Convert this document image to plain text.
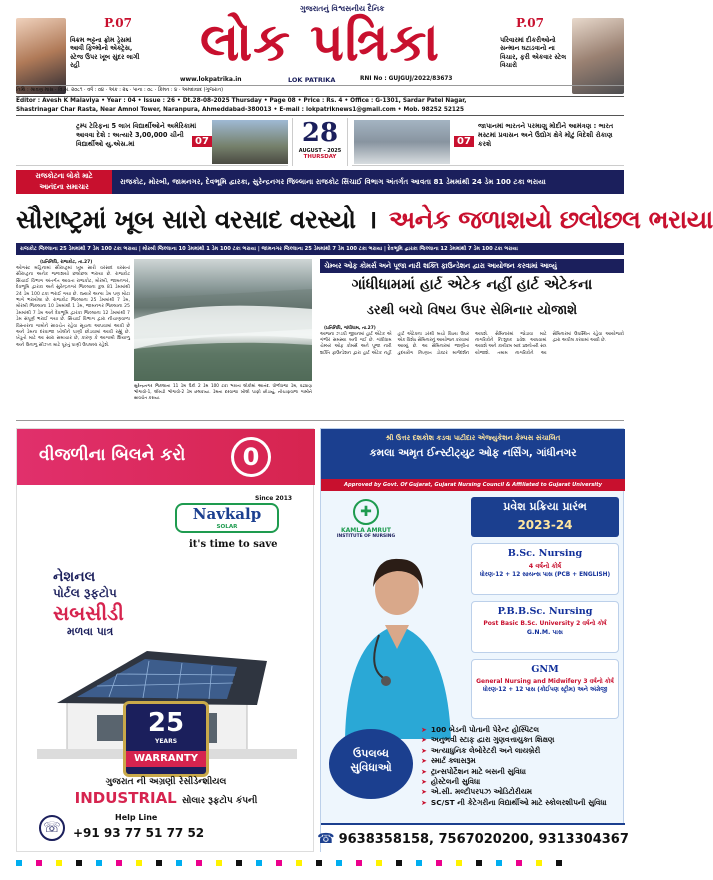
P.07
વિક્રમ ભટ્ટના ફ્રોમ ડ્રેસમાં આવી ફિલ્મોનો એક્ટ્રેસ, સ્ટેજ ઉપર ખૂબ સુંદર લાગી રહી
ગુજરાતનું વિશ્વસનીય દૈનિક
લોક પત્રિકા
www.lokpatrika.in	LOK PATRIKA	RNI No : GUJGUJ/2022/83673
P.07
પરિવારમાં દીકરીઓનો સન્માન ઘટાડવાનો ના વિચાર, ફરી એકવાર સ્ટેલ વિચારો
તિથિ : શ્રાવણ માસ · વિ.સં. ૨૦૮૧ · વર્ષ : ૦૪ · અંક : ૨૬ · પાના : ૦૮ · કિંમત : ૪ · અમદાવાદ (ગુજરાત)
Editor : Avesh K Malaviya • Year : 04 • Issue : 26 • Dt.28-08-2025 Thursday • Page 08 • Price : Rs. 4 • Office : G-1301, Sardar Patel Nagar,
Shastrinagar Char Rasta, Near Amnol Tower, Naranpura, Ahmeddabad-380013 • E-mail : lokpatriknews1@gmail.com • Mob. 98252 52125
ટ્રમ્પ ટેરિફના 5 લાખ વિદ્યાર્થીઓને અમેરિકામાં આવવા દેશે : અત્યારે 3,00,000 ચીની વિદ્યાર્થીઓ યુ.એસ.માં	07	28
AUGUST - 2025
THURSDAY
07
જાપાનમાં ભારતને પરમાણુ મોદીને આમંત્રણ : ભારત મસ્ટમાં પ્રવાસન અને ઉદ્યોગ ક્ષેત્રે મોટું વિદેશી રોકાણ કરશે
રાજકોટના લોકો માટે
આનંદના સમાચાર
રાજકોટ, મોરબી, જામનગર, દેવભૂમિ દ્વારકા, સુરેન્દ્રનગર જિલ્લાના રાજકોટ સિંચાઈ વિભાગ અંતર્ગત આવતા 81 ડેમમાંથી 24 ડેમ 100 ટકા ભરાયા
સૌરાષ્ટ્રમાં ખૂબ સારો વરસાદ વરસ્યો । અનેક જળાશયો છલોછલ ભરાયા
રાજકોટ જિલ્લાના 25 ડેમમાંથી 7 ડેમ 100 ટકા ભરાયા | મોરબી જિલ્લાના 10 ડેમમાંથી 1 ડેમ 100 ટકા ભરાયા | જામનગર જિલ્લાના 25 ડેમમાંથી 7 ડેમ 100 ટકા ભરાયા | દેવભૂમિ દ્વારકા જિલ્લાના 12 ડેમમાંથી 7 ડેમ 100 ટકા ભરાયા
(પ્રતિનિધિ, રાજકોટ, તા.27)
ઓગસ્ટ મહિનામાં સૌરાષ્ટ્રમાં ખૂબ સારો વરસાદ વરસતાં સૌરાષ્ટ્રના અનેક જળાશયો છલોછલ ભરાયા છે. રાજકોટ સિંચાઈ વિભાગ અંતર્ગત આવતા રાજકોટ, મોરબી, જામનગર, દેવભૂમિ દ્વારકા અને સુરેન્દ્રનગર જિલ્લાના કુલ 81 ડેમમાંથી 24 ડેમ 100 ટકા ભરાઈ ગયા છે. જ્યારે અન્ય ડેમ પણ મોટા ભાગે ભરાયેલા છે. રાજકોટ જિલ્લાના 25 ડેમમાંથી 7 ડેમ, મોરબી જિલ્લાના 10 ડેમમાંથી 1 ડેમ, જામનગર જિલ્લાના 25 ડેમમાંથી 7 ડેમ અને દેવભૂમિ દ્વારકા જિલ્લાના 12 ડેમમાંથી 7 ડેમ સંપૂર્ણ ભરાઈ ગયા છે. સિંચાઈ વિભાગ દ્વારા નીચાણવાળા વિસ્તારના ગામોને સાવચેત રહેવા સૂચના આપવામાં આવી છે અને ડેમના દરવાજા ખોલીને પાણી છોડવામાં આવી રહ્યું છે. ખેડૂતો માટે આ સારા સમાચાર છે, કારણ કે આગામી શિયાળુ અને ઉનાળુ સીઝન માટે પૂરતું પાણી ઉપલબ્ધ રહેશે.
સુરેન્દ્રનગર જિલ્લાના 11 ડેમ પૈકી 2 ડેમ 100 ટકા ભરાતા લોકોમાં આનંદ. ધોળીધજા ડેમ, વઢવાણ ભોગાવો-1, લીંબડી ભોગાવો-2 ડેમ છલકાયા. ડેમના દરવાજા ખોલી પાણી છોડાયું, નીચાણવાળા ગામોને સાવચેત કરાયા.
ચેમ્બર ઓફ કોમર્સ અને પૂજા નારી શક્તિ ફાઉન્ડેશન દ્વારા આયોજન કરવામાં આવ્યું
ગાંધીધામમાં હાર્ટ એટેક નહીં હાર્ટ એટેકના
ડરથી બચો વિષય ઉપર સેમિનાર યોજાશે
(પ્રતિનિધિ, ગાંધીધામ, તા.27)
આજના ઝડપી જીવનમાં હાર્ટ એટેક એ ગંભીર સમસ્યા બની ગઈ છે. ગાંધીધામ ચેમ્બર ઓફ કોમર્સ અને પૂજા નારી શક્તિ ફાઉન્ડેશન દ્વારા હાર્ટ એટેક નહીં હાર્ટ એટેકના ડરથી બચો વિષય ઉપર એક વિશેષ સેમિનારનું આયોજન કરવામાં આવ્યું છે. આ સેમિનારમાં જાણીતા હૃદયરોગ નિષ્ણાત ડોક્ટર માર્ગદર્શન આપશે. સેમિનારમાં જોડાવા માટે નાગરિકોને નિઃશુલ્ક પ્રવેશ આપવામાં આવશે અને કાર્યક્રમ બાદ પ્રશ્નોત્તરી સત્ર યોજાશે. તમામ નાગરિકોને આ સેમિનારમાં ઉપસ્થિત રહેવા આયોજકો દ્વારા અપીલ કરવામાં આવી છે.
વીજળીના બિલને કરો	0
Since 2013
Navkalp
SOLAR
it's time to save
નેશનલ
પોર્ટલ રૂફટોપ
સબસીડી
મળવા પાત્ર
25
YEARS
WARRANTY
ગુજરાત ની અગ્રણી રેસીડેન્શીયલ
INDUSTRIAL સોલાર રૂફટોપ કંપની
☏
Help Line
+91 93 77 51 77 52
શ્રી ઉત્તર દશકોશ કડવા પાટીદાર એજ્યુકેશન કેમ્પસ સંચાલિત
કમલા અમૃત ઈન્સ્ટીટ્યુટ ઓફ નર્સિંગ, ગાંધીનગર
Approved by Govt. Of Gujarat, Gujarat Nursing Council & Affiliated to Gujarat University
✚
KAMLA AMRUT
INSTITUTE OF NURSING
પ્રવેશ પ્રક્રિયા પ્રારંભ
2023-24
B.Sc. Nursing
4 વર્ષનો કોર્ષ
ધોરણ-12 + 12 સાયન્સ પાસ (PCB + ENGLISH)
P.B.B.Sc. Nursing
Post Basic B.Sc. University 2 વર્ષનો કોર્ષ
G.N.M. પાસ
GNM
General Nursing and Midwifery 3 વર્ષનો કોર્ષ
ધોરણ-12 + 12 પાસ (કોઈપણ સ્ટ્રીમ) અને અંગ્રેજી
ઉપલબ્ધ
સુવિધાઓ
➤ 100 બેડની પોતાની પેરેન્ટ હોસ્પિટલ
➤ અનુભવી સ્ટાફ દ્વારા ગુણવત્તાયુક્ત શિક્ષણ
➤ અત્યાધુનિક લેબોરેટરી અને લાયબ્રેરી
➤ સ્માર્ટ ક્લાસરૂમ
➤ ટ્રાન્સપોર્ટેશન માટે બસની સુવિધા
➤ હોસ્ટેલની સુવિધા
➤ એ.સી. મલ્ટીપરપઝ ઓડિટોરીયમ
➤ SC/ST ની કેટેગરીના વિદ્યાર્થીઓ માટે સ્કોલરશીપની સુવિધા
☎ 9638358158, 7567020200, 9313304367
